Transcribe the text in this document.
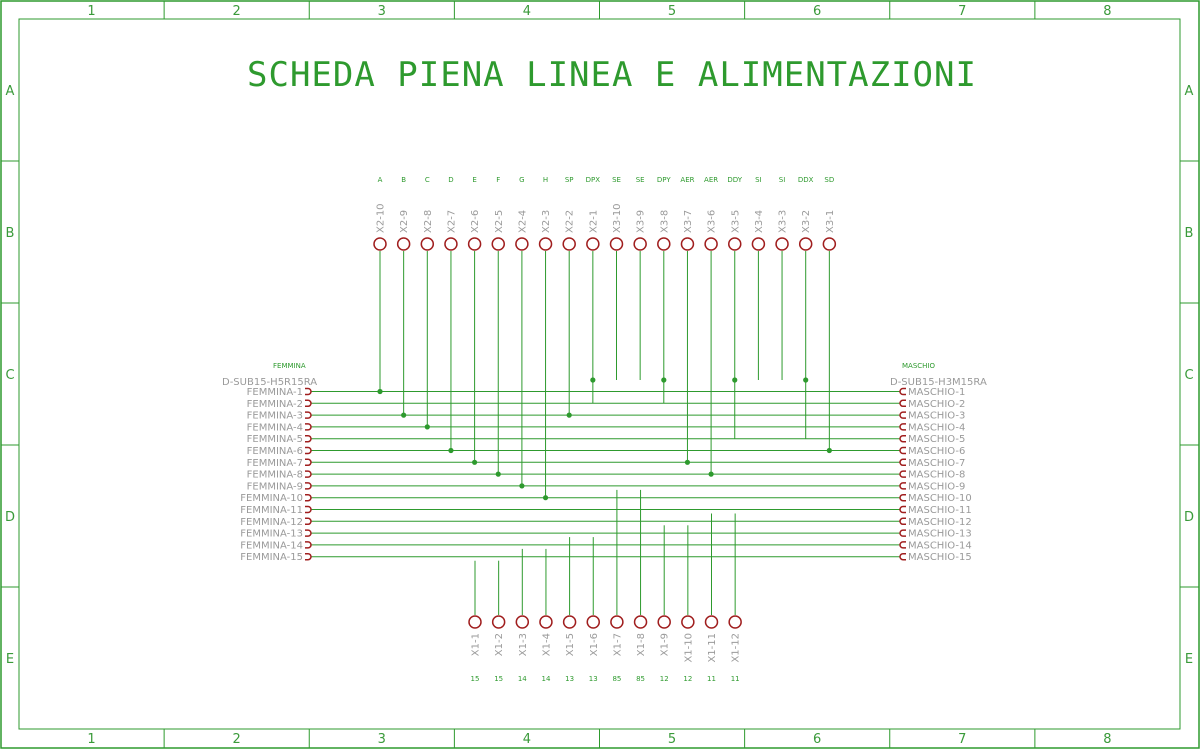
1
1
2
2
3
3
4
4
5
5
6
6
7
7
8
8
A	A
B	B
C	C
D	D
E	E
SCHEDA PIENA LINEA E ALIMENTAZIONI
FEMMINA
D-SUB15-H5R15RA
MASCHIO
D-SUB15-H3M15RA
X2-10
A
X2-9
B
X2-8
C
X2-7
D
X2-6
E
X2-5
F
X2-4
G
X2-3
H
X2-2
SP
X2-1
DPX
X3-10
SE
X3-9
SE
X3-8
DPY
X3-7
AER
X3-6
AER
X3-5
DDY
X3-4
SI
X3-3
SI
X3-2
DDX
X3-1
SD
X1-1
15
X1-2
15
X1-3
14
X1-4
14
X1-5
13
X1-6
13
X1-7
85
X1-8
85
X1-9
12
X1-10
12
X1-11
11
X1-12
11
FEMMINA-1
FEMMINA-2
FEMMINA-3
FEMMINA-4
FEMMINA-5
FEMMINA-6
FEMMINA-7
FEMMINA-8
FEMMINA-9
FEMMINA-10
FEMMINA-11
FEMMINA-12
FEMMINA-13
FEMMINA-14
FEMMINA-15
MASCHIO-1
MASCHIO-2
MASCHIO-3
MASCHIO-4
MASCHIO-5
MASCHIO-6
MASCHIO-7
MASCHIO-8
MASCHIO-9
MASCHIO-10
MASCHIO-11
MASCHIO-12
MASCHIO-13
MASCHIO-14
MASCHIO-15
